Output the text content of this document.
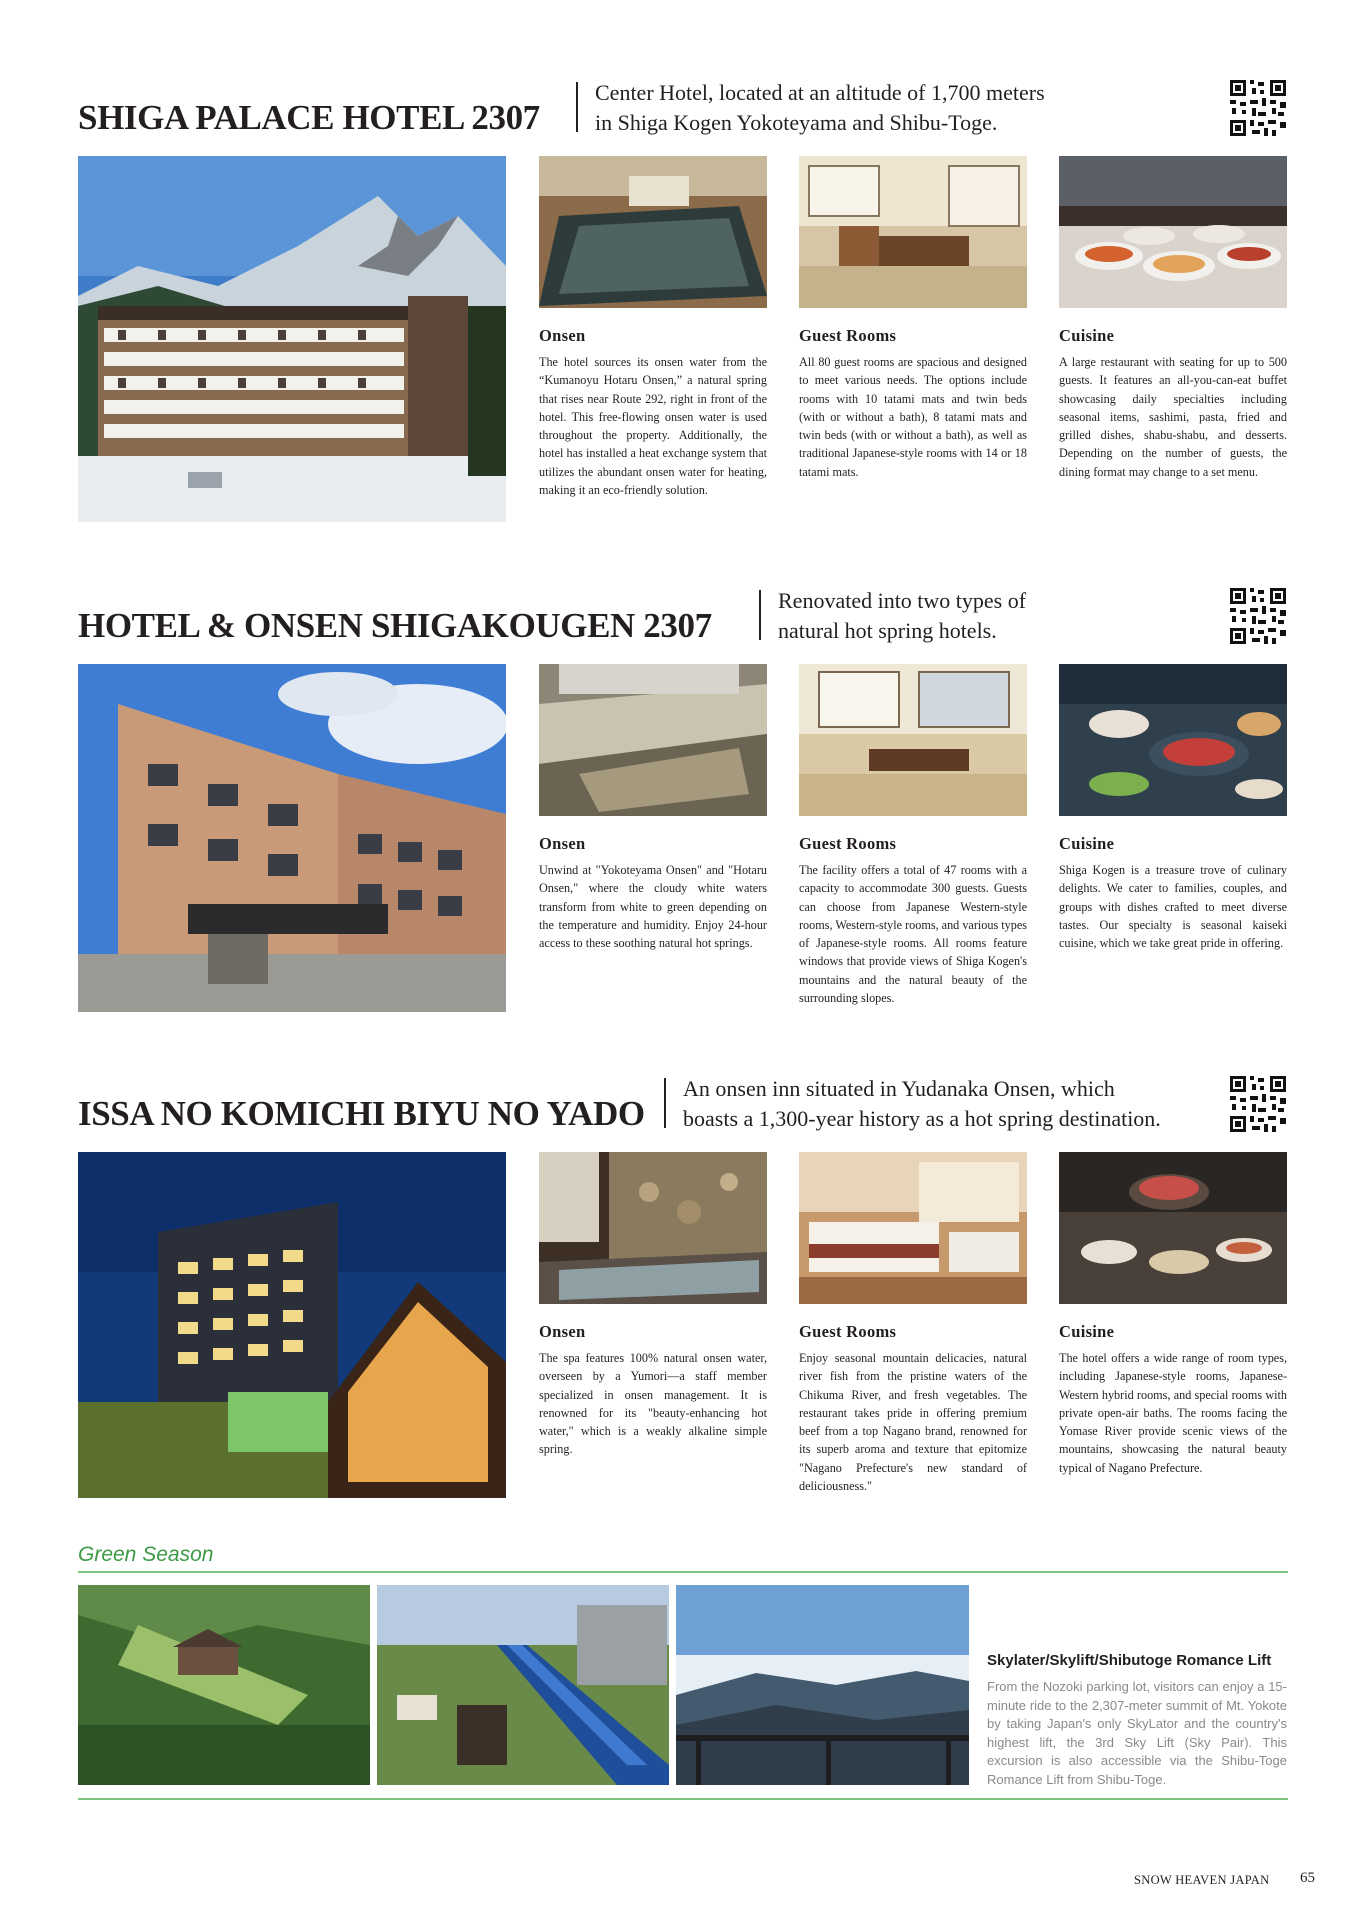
SHIGA PALACE HOTEL 2307
Center Hotel, located at an altitude of 1,700 meters
in Shiga Kogen Yokoteyama and Shibu-Toge.
Onsen	Guest Rooms	Cuisine

The hotel sources its onsen water from the “Kumanoyu Hotaru Onsen,” a natural spring that rises near Route 292, right in front of the hotel. This free-flowing onsen water is used throughout the property. Additionally, the hotel has installed a heat exchange system that utilizes the abundant onsen water for heating, making it an eco-friendly solution.

All 80 guest rooms are spacious and designed to meet various needs. The options include rooms with 10 tatami mats and twin beds (with or without a bath), 8 tatami mats and twin beds (with or without a bath), as well as traditional Japanese-style rooms with 14 or 18 tatami mats.

A large restaurant with seating for up to 500 guests. It features an all-you-can-eat buffet showcasing daily specialties including seasonal items, sashimi, pasta, fried and grilled dishes, shabu-shabu, and desserts. Depending on the number of guests, the dining format may change to a set menu.

HOTEL & ONSEN SHIGAKOUGEN 2307
Renovated into two types of
natural hot spring hotels.
Onsen	Guest Rooms	Cuisine

Unwind at "Yokoteyama Onsen" and "Hotaru Onsen," where the cloudy white waters transform from white to green depending on the temperature and humidity. Enjoy 24-hour access to these soothing natural hot springs.

The facility offers a total of 47 rooms with a capacity to accommodate 300 guests. Guests can choose from Japanese Western-style rooms, Western-style rooms, and various types of Japanese-style rooms. All rooms feature windows that provide views of Shiga Kogen's mountains and the natural beauty of the surrounding slopes.

Shiga Kogen is a treasure trove of culinary delights. We cater to families, couples, and groups with dishes crafted to meet diverse tastes. Our specialty is seasonal kaiseki cuisine, which we take great pride in offering.

ISSA NO KOMICHI BIYU NO YADO
An onsen inn situated in Yudanaka Onsen, which
boasts a 1,300-year history as a hot spring destination.
Onsen	Guest Rooms	Cuisine

The spa features 100% natural onsen water, overseen by a Yumori—a staff member specialized in onsen management. It is renowned for its "beauty-enhancing hot water," which is a weakly alkaline simple spring.

Enjoy seasonal mountain delicacies, natural river fish from the pristine waters of the Chikuma River, and fresh vegetables. The restaurant takes pride in offering premium beef from a top Nagano brand, renowned for its superb aroma and texture that epitomize "Nagano Prefecture's new standard of deliciousness."

The hotel offers a wide range of room types, including Japanese-style rooms, Japanese-Western hybrid rooms, and special rooms with private open-air baths. The rooms facing the Yomase River provide scenic views of the mountains, showcasing the natural beauty typical of Nagano Prefecture.

Green Season
Skylater/Skylift/Shibutoge Romance Lift

From the Nozoki parking lot, visitors can enjoy a 15-minute ride to the 2,307-meter summit of Mt. Yokote by taking Japan's only SkyLator and the country's highest lift, the 3rd Sky Lift (Sky Pair). This excursion is also accessible via the Shibu-Toge Romance Lift from Shibu-Toge.

SNOW HEAVEN JAPAN 65
